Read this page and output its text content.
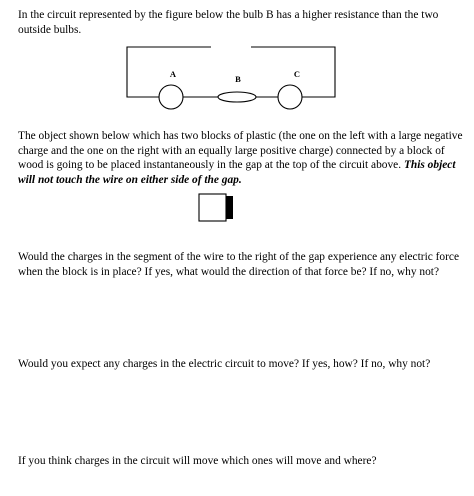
In the circuit represented by the figure below the bulb B has a higher resistance than the two outside bulbs.

A	B	C

The object shown below which has two blocks of plastic (the one on the left with a large negative charge and the one on the right with an equally large positive charge) connected by a block of wood is going to be placed instantaneously in the gap at the top of the circuit above. This object will not touch the wire on either side of the gap.

Would the charges in the segment of the wire to the right of the gap experience any electric force when the block is in place? If yes, what would the direction of that force be? If no, why not?

Would you expect any charges in the electric circuit to move? If yes, how? If no, why not?

If you think charges in the circuit will move which ones will move and where?
